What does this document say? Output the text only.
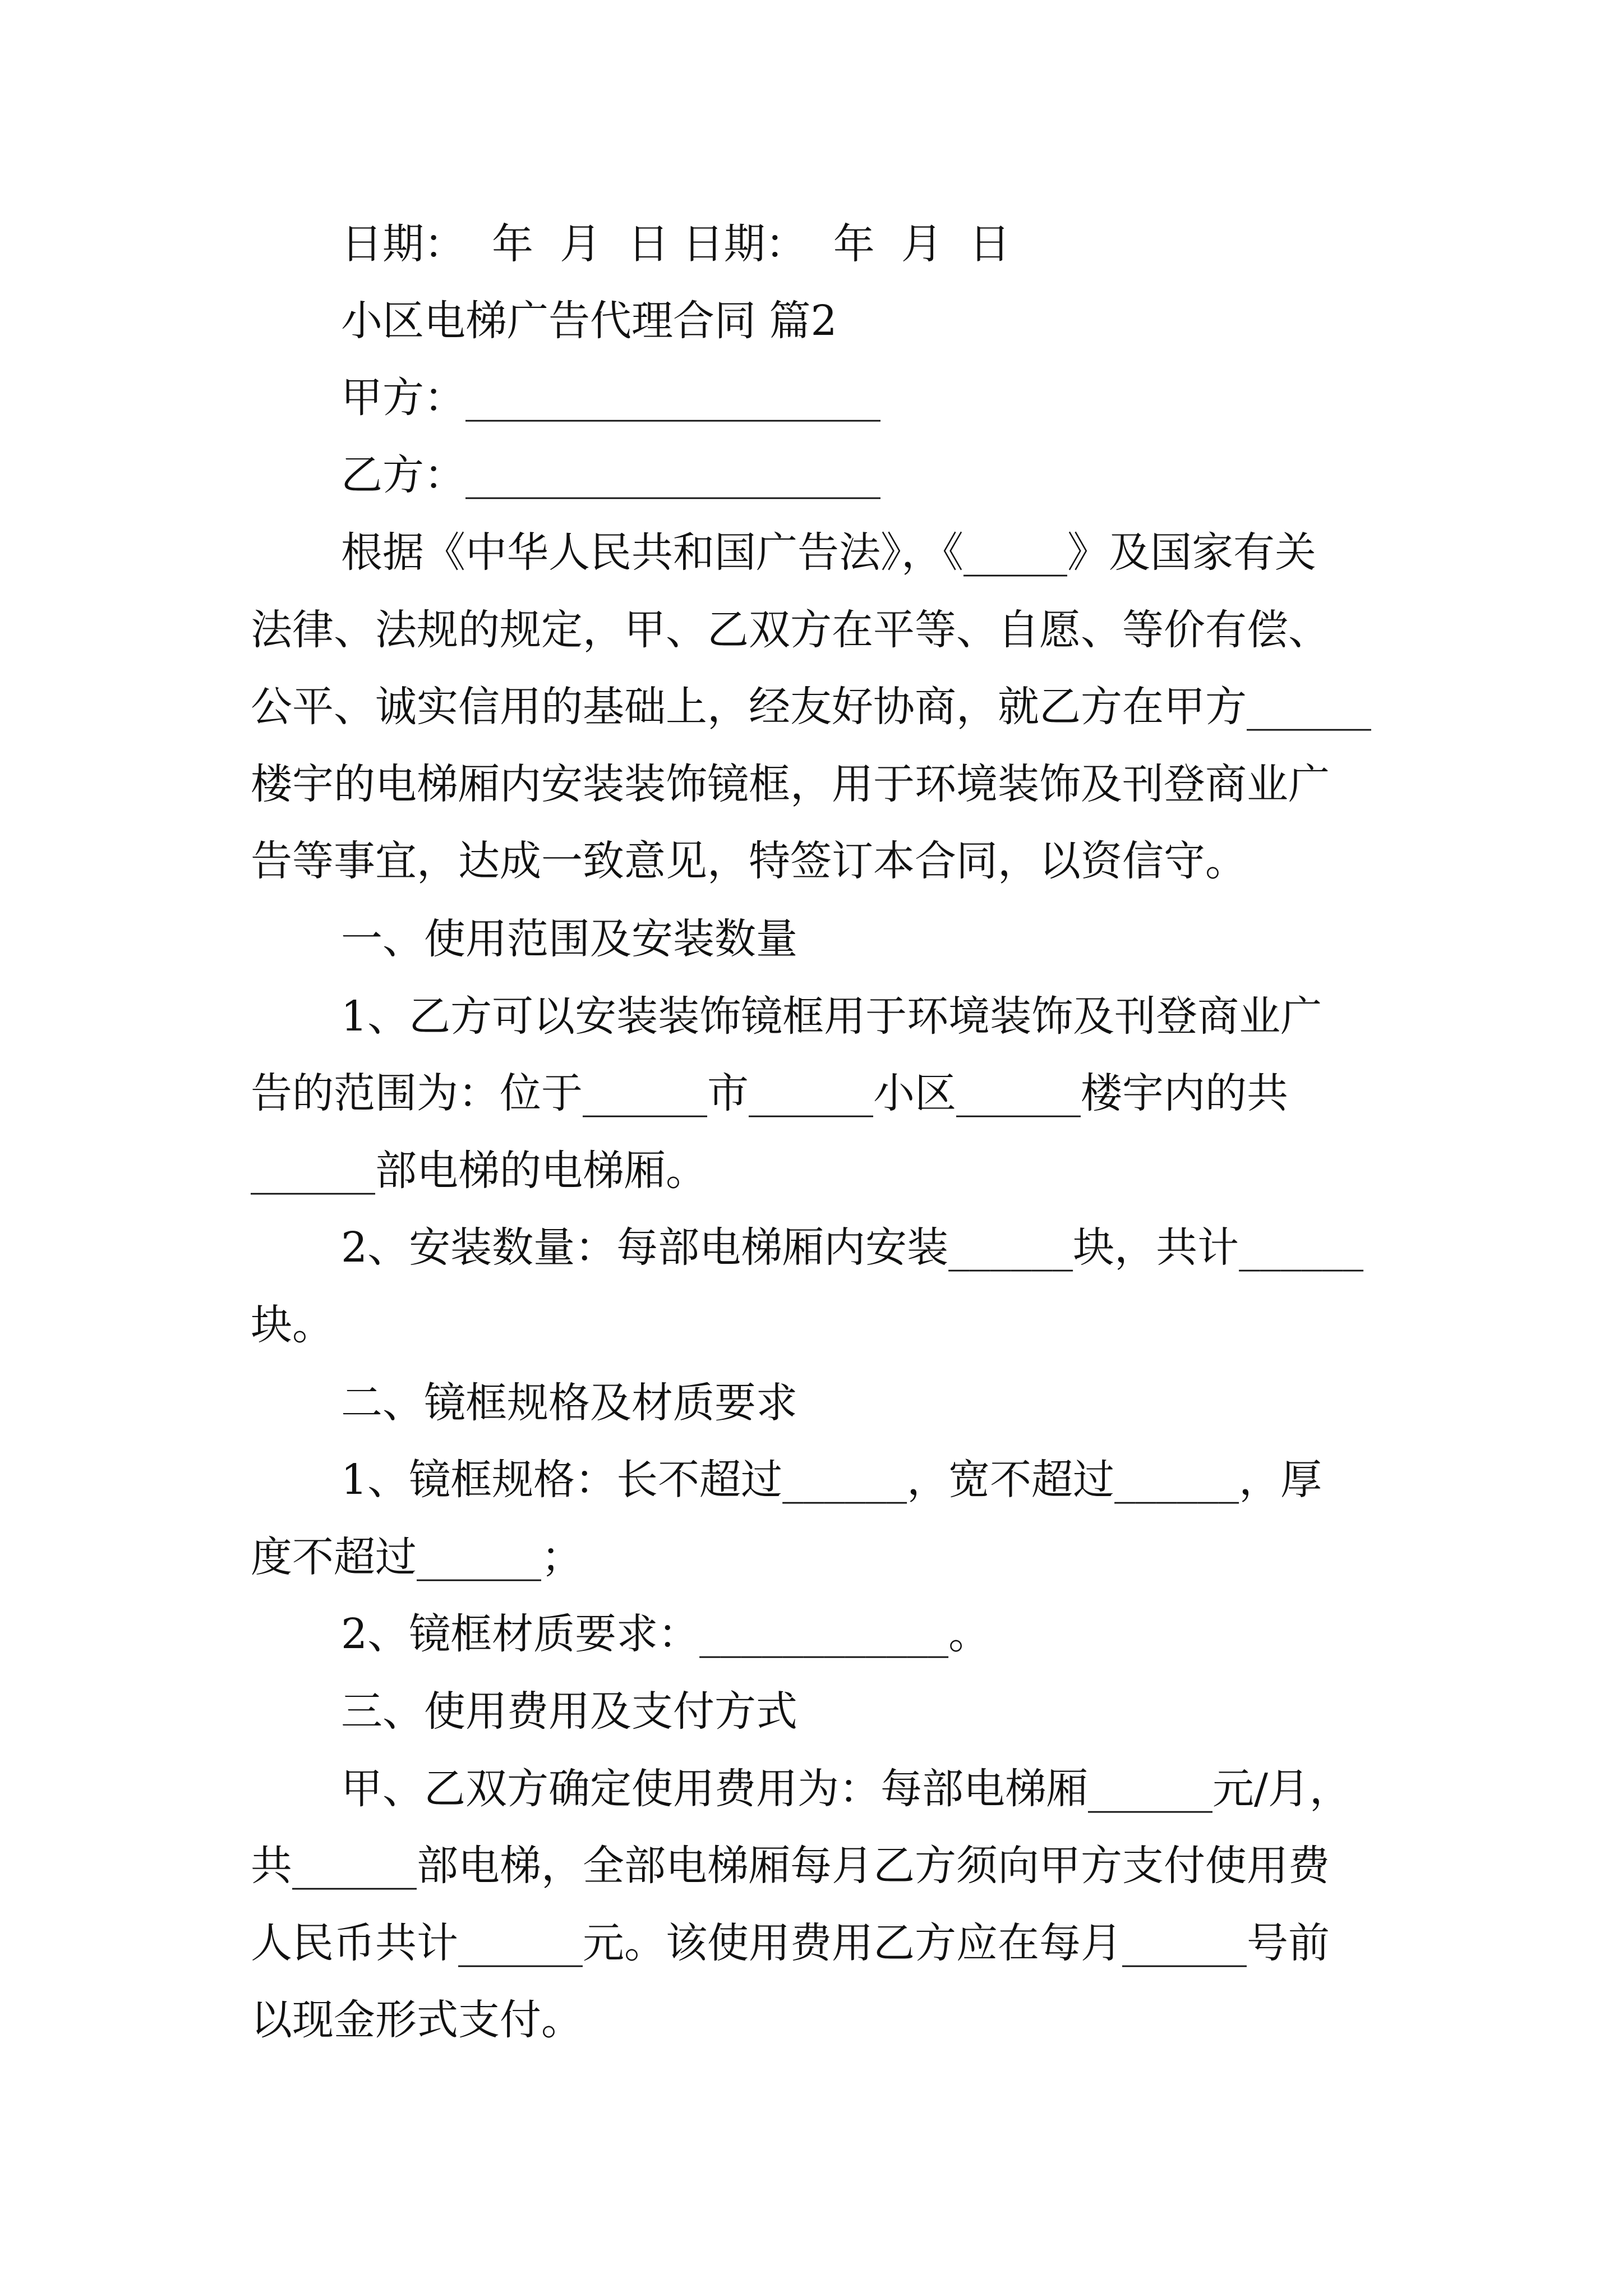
日期：  年  月  日 日期：  年  月  日
小区电梯广告代理合同 篇2
甲方：____________________
乙方：____________________
根据《中华人民共和国广告法》，《_____》及国家有关
法律、法规的规定，甲、乙双方在平等、自愿、等价有偿、
公平、诚实信用的基础上，经友好协商，就乙方在甲方______
楼宇的电梯厢内安装装饰镜框，用于环境装饰及刊登商业广
告等事宜，达成一致意见，特签订本合同，以资信守。
一、使用范围及安装数量
1、乙方可以安装装饰镜框用于环境装饰及刊登商业广
告的范围为：位于______市______小区______楼宇内的共
______部电梯的电梯厢。
2、安装数量：每部电梯厢内安装______块，共计______
块。
二、镜框规格及材质要求
1、镜框规格：长不超过______，宽不超过______，厚
度不超过______；
2、镜框材质要求：____________。
三、使用费用及支付方式
甲、乙双方确定使用费用为：每部电梯厢______元/月，
共______部电梯，全部电梯厢每月乙方须向甲方支付使用费
人民币共计______元。该使用费用乙方应在每月______号前
以现金形式支付。
